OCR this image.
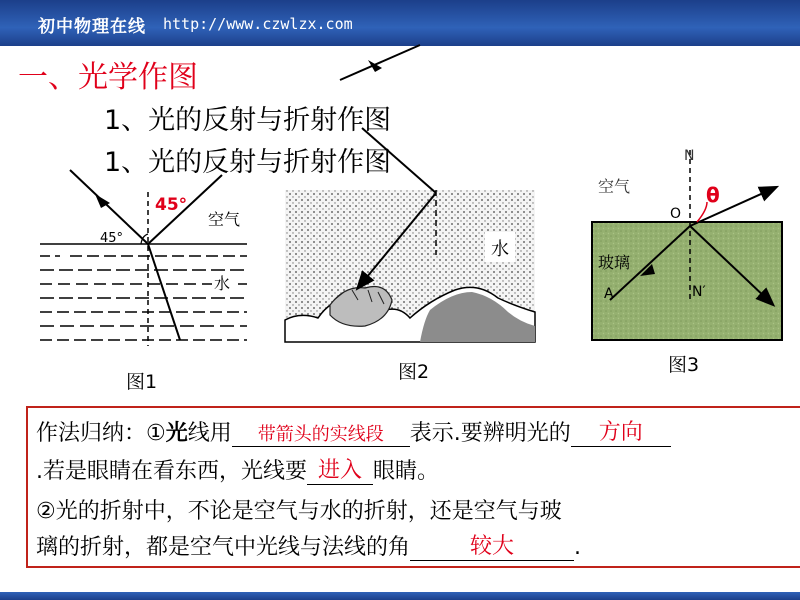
初中物理在线 http://www.czwlzx.com
一、光学作图
1、光的反射与折射作图
1、光的反射与折射作图
45°
45°
空气
水
水
N
空气
O
θ
玻璃
A	N′
图1	图2	图3
作法归纳：①光线用	带箭头的实线段	表示.要辨明光的	方向
.若是眼睛在看东西，光线要 进入 眼睛。
②光的折射中，不论是空气与水的折射，还是空气与玻
璃的折射，都是空气中光线与法线的角	较大	.
